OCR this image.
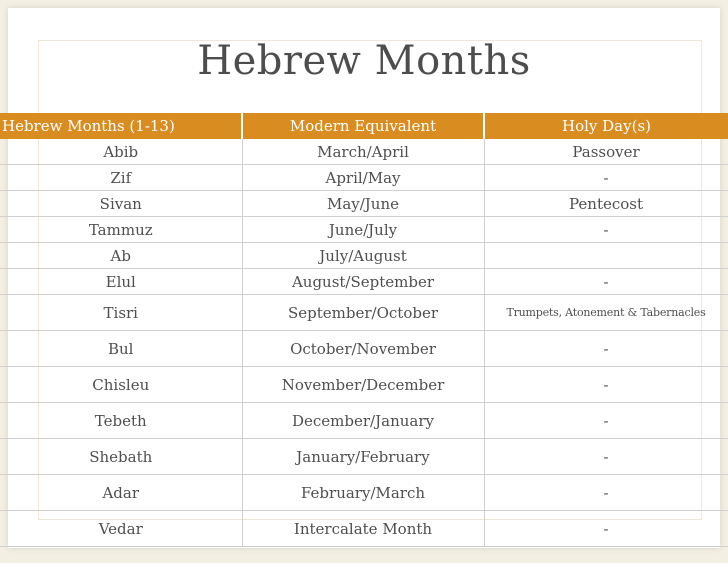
Hebrew Months
Hebrew Months (1-13)	Modern Equivalent	Holy Day(s)
Abib	March/April	Passover
Zif	April/May	-
Sivan	May/June	Pentecost
Tammuz	June/July	-
Ab	July/August	
Elul	August/September	-
Tisri	September/October	Trumpets, Atonement & Tabernacles
Bul	October/November	-
Chisleu	November/December	-
Tebeth	December/January	-
Shebath	January/February	-
Adar	February/March	-
Vedar	Intercalate Month	-
